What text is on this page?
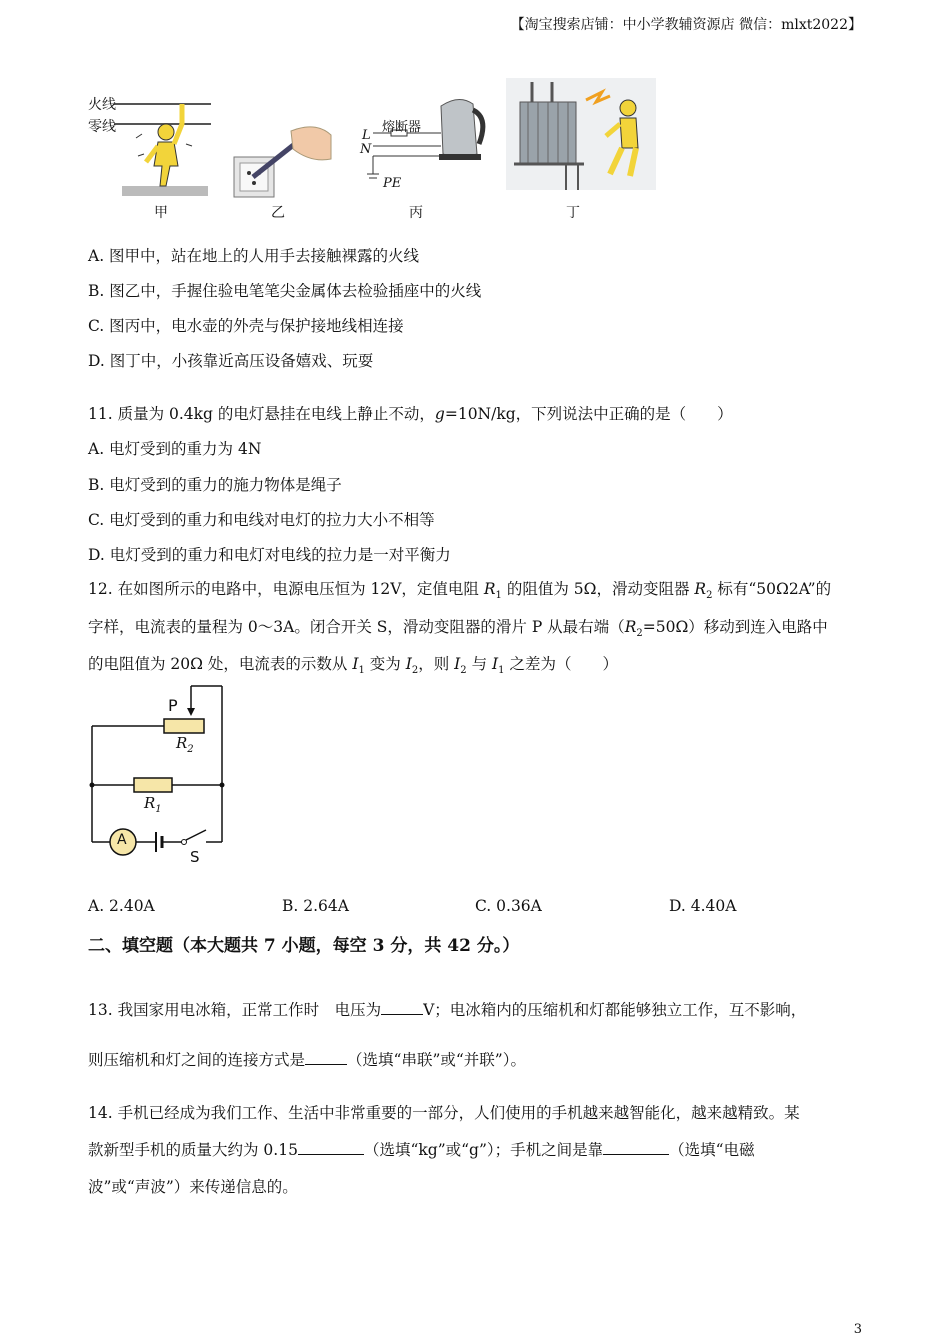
【淘宝搜索店铺：中小学教辅资源店 微信：mlxt2022】
火线
零线
甲	乙
熔断器
L
N
PE
丙	丁
A. 图甲中，站在地上的人用手去接触裸露的火线
B. 图乙中，手握住验电笔笔尖金属体去检验插座中的火线
C. 图丙中，电水壶的外壳与保护接地线相连接
D. 图丁中，小孩靠近高压设备嬉戏、玩耍
11. 质量为 0.4kg 的电灯悬挂在电线上静止不动，g=10N/kg，下列说法中正确的是（　　）
A. 电灯受到的重力为 4N
B. 电灯受到的重力的施力物体是绳子
C. 电灯受到的重力和电线对电灯的拉力大小不相等
D. 电灯受到的重力和电灯对电线的拉力是一对平衡力
12. 在如图所示的电路中，电源电压恒为 12V，定值电阻 $R_1$ 的阻值为 5Ω，滑动变阻器 $R_2$ 标有“50Ω2A”的
字样，电流表的量程为 0～3A。闭合开关 S，滑动变阻器的滑片 P 从最右端$(R_2=50\Omega)$移动到连入电路中
的电阻值为 20Ω 处，电流表的示数从 $I_1$ 变为 $I_2$，则 $I_2$ 与 $I_1$ 之差为（　　）
P
$R_2$
$R_1$
A
S
A. 2.40A	B. 2.64A	C. 0.36A	D. 4.40A
二、填空题（本大题共 7 小题，每空 3 分，共 42 分。）
13. 我国家用电冰箱，正常工作时　电压为	V；电冰箱内的压缩机和灯都能够独立工作，互不影响，
则压缩机和灯之间的连接方式是	（选填“串联”或“并联”）。
14. 手机已经成为我们工作、生活中非常重要的一部分，人们使用的手机越来越智能化，越来越精致。某
款新型手机的质量大约为 0.15	（选填“kg”或“g”）；手机之间是靠	（选填“电磁
波”或“声波”）来传递信息的。
3
